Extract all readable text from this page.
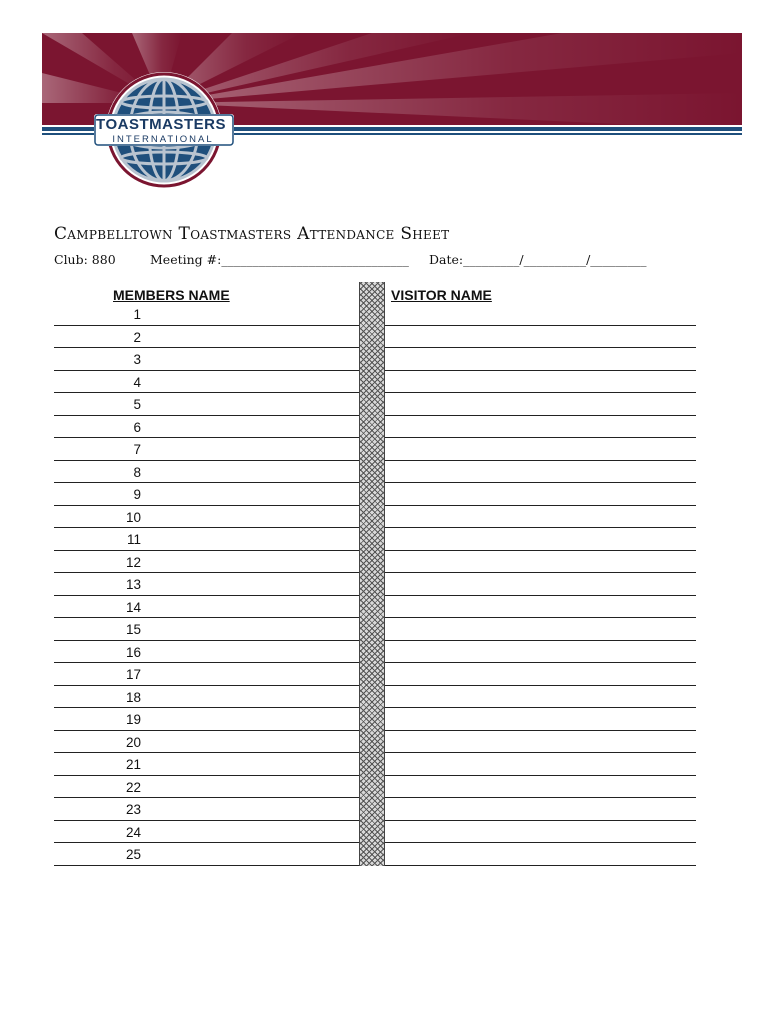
TOASTMASTERS
INTERNATIONAL
Campbelltown Toastmasters Attendance Sheet
Club: 880	Meeting #:______________________________ Date:_________/__________/_________
MEMBERS NAME	VISITOR NAME
1
2
3
4
5
6
7
8
9
10
11
12
13
14
15
16
17
18
19
20
21
22
23
24
25
